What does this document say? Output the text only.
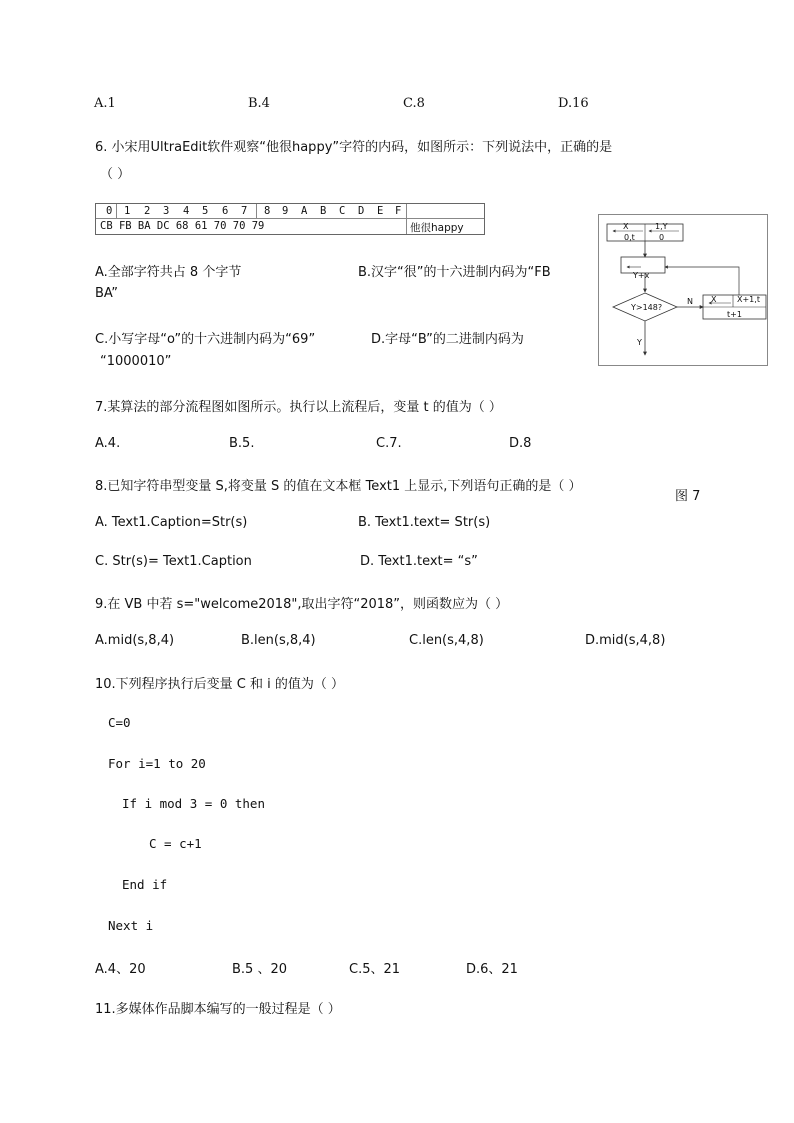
A.1	B.4	C.8	D.16
6. 小宋用UltraEdit软件观察“他很happy”字符的内码，如图所示：下列说法中，正确的是
（ ）
0 1 2 3 4 5 6 7 8 9 A B C D E F
CB FB BA DC 68 61 70 70 79	他很happy
A.全部字符共占 8 个字节	B.汉字“很”的十六进制内码为“FB
BA”
C.小写字母“o”的十六进制内码为“69”	D.字母“B”的二进制内码为
“1000010”
X	1,Y
0,t	0
Y+x
Y>148?
N X	X+1,t
t+1
Y
图 7
7.某算法的部分流程图如图所示。执行以上流程后，变量 t 的值为（ ）
A.4.	B.5.	C.7.	D.8
8.已知字符串型变量 S,将变量 S 的值在文本框 Text1 上显示,下列语句正确的是（ ）
A. Text1.Caption=Str(s)	B. Text1.text= Str(s)
C. Str(s)= Text1.Caption	D. Text1.text= “s”
9.在 VB 中若 s="welcome2018",取出字符“2018”，则函数应为（ ）
A.mid(s,8,4)	B.len(s,8,4)	C.len(s,4,8)	D.mid(s,4,8)
10.下列程序执行后变量 C 和 i 的值为（ ）
C=0
For i=1 to 20
If i mod 3 = 0 then
C = c+1
End if
Next i
A.4、20	B.5 、20	C.5、21	D.6、21
11.多媒体作品脚本编写的一般过程是（ ）
